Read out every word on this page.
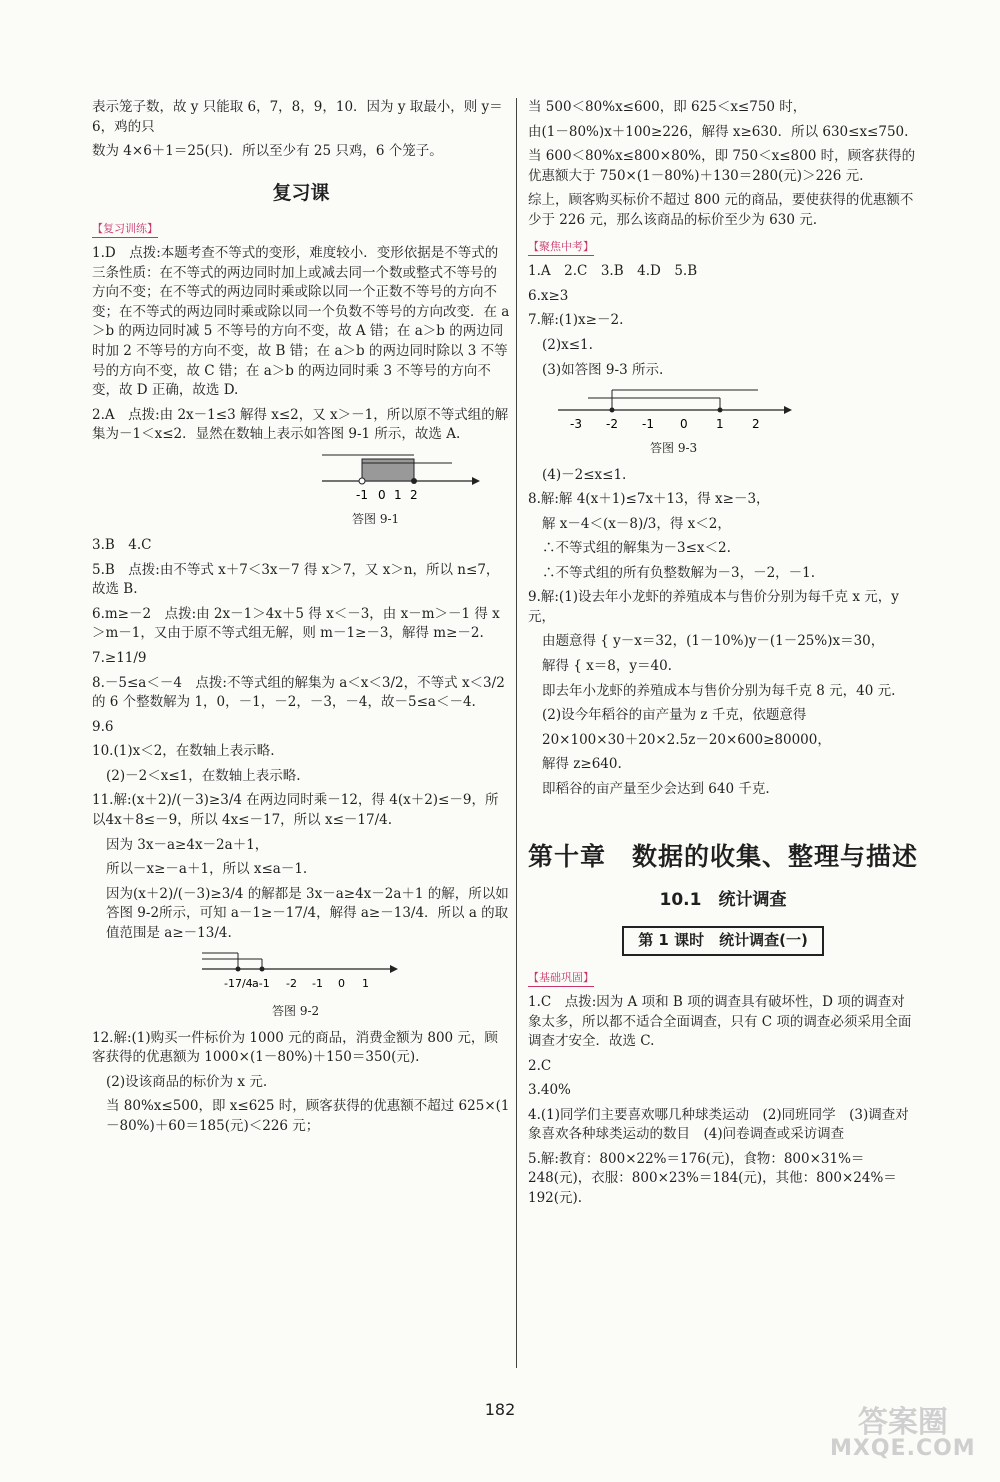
表示笼子数，故 y 只能取 6，7，8，9，10．因为 y 取最小，则 y＝6，鸡的只

数为 4×6＋1＝25(只)．所以至少有 25 只鸡，6 个笼子。

复习课
【复习训练】

1.D　点拨:本题考查不等式的变形，难度较小．变形依据是不等式的三条性质：在不等式的两边同时加上或减去同一个数或整式不等号的方向不变；在不等式的两边同时乘或除以同一个正数不等号的方向不变；在不等式的两边同时乘或除以同一个负数不等号的方向改变．在 a＞b 的两边同时减 5 不等号的方向不变，故 A 错；在 a＞b 的两边同时加 2 不等号的方向不变，故 B 错；在 a＞b 的两边同时除以 3 不等号的方向不变，故 C 错；在 a＞b 的两边同时乘 3 不等号的方向不变，故 D 正确，故选 D.

2.A　点拨:由 2x－1≤3 解得 x≤2，又 x＞－1，所以原不等式组的解集为－1＜x≤2．显然在数轴上表示如答图 9-1 所示，故选 A.

-1 0 1 2
答图 9-1

3.B　4.C

5.B　点拨:由不等式 x＋7＜3x－7 得 x＞7，又 x＞n，所以 n≤7，故选 B.

6.m≥－2　点拨:由 2x－1＞4x＋5 得 x＜－3，由 x－m＞－1 得 x＞m－1，又由于原不等式组无解，则 m－1≥－3，解得 m≥－2.

7.≥11/9

8.－5≤a＜－4　点拨:不等式组的解集为 a＜x＜3/2，不等式 x＜3/2 的 6 个整数解为 1，0，－1，－2，－3，－4，故－5≤a＜－4.

9.6

10.(1)x＜2，在数轴上表示略.

(2)－2＜x≤1，在数轴上表示略.

11.解:(x＋2)/(－3)≥3/4 在两边同时乘－12，得 4(x＋2)≤－9，所以4x＋8≤－9，所以 4x≤－17，所以 x≤－17/4.

因为 3x－a≥4x－2a＋1，

所以－x≥－a＋1，所以 x≤a－1.

因为(x＋2)/(－3)≥3/4 的解都是 3x－a≥4x－2a＋1 的解，所以如答图 9-2所示，可知 a－1≥－17/4，解得 a≥－13/4．所以 a 的取值范围是 a≥－13/4.

-17/4 a-1 -2 -1 0 1
答图 9-2

12.解:(1)购买一件标价为 1000 元的商品，消费金额为 800 元，顾客获得的优惠额为 1000×(1－80%)＋150＝350(元).

(2)设该商品的标价为 x 元.

当 80%x≤500，即 x≤625 时，顾客获得的优惠额不超过 625×(1－80%)＋60＝185(元)＜226 元；

当 500＜80%x≤600，即 625＜x≤750 时，

由(1－80%)x＋100≥226，解得 x≥630．所以 630≤x≤750.

当 600＜80%x≤800×80%，即 750＜x≤800 时，顾客获得的优惠额大于 750×(1－80%)＋130＝280(元)＞226 元.

综上，顾客购买标价不超过 800 元的商品，要使获得的优惠额不少于 226 元，那么该商品的标价至少为 630 元.

【聚焦中考】

1.A　2.C　3.B　4.D　5.B

6.x≥3

7.解:(1)x≥－2.

(2)x≤1.

(3)如答图 9-3 所示.

-3 -2 -1 0 1 2
答图 9-3

(4)－2≤x≤1.

8.解:解 4(x＋1)≤7x＋13，得 x≥－3，

解 x－4＜(x－8)/3，得 x＜2，

∴不等式组的解集为－3≤x＜2.

∴不等式组的所有负整数解为－3，－2，－1.

9.解:(1)设去年小龙虾的养殖成本与售价分别为每千克 x 元，y 元，

由题意得 { y－x＝32，(1－10%)y－(1－25%)x＝30，

解得 { x＝8，y＝40.

即去年小龙虾的养殖成本与售价分别为每千克 8 元，40 元.

(2)设今年稻谷的亩产量为 z 千克，依题意得

20×100×30＋20×2.5z－20×600≥80000，

解得 z≥640.

即稻谷的亩产量至少会达到 640 千克.

第十章　数据的收集、整理与描述
10.1　统计调查
第 1 课时　统计调查(一)
【基础巩固】

1.C　点拨:因为 A 项和 B 项的调查具有破坏性，D 项的调查对象太多，所以都不适合全面调查，只有 C 项的调查必须采用全面调查才安全．故选 C.

2.C

3.40%

4.(1)同学们主要喜欢哪几种球类运动　(2)同班同学　(3)调查对象喜欢各种球类运动的数目　(4)问卷调查或采访调查

5.解:教育：800×22%＝176(元)，食物：800×31%＝248(元)，衣服：800×23%＝184(元)，其他：800×24%＝192(元).

182	答案圈
MXQE.COM
